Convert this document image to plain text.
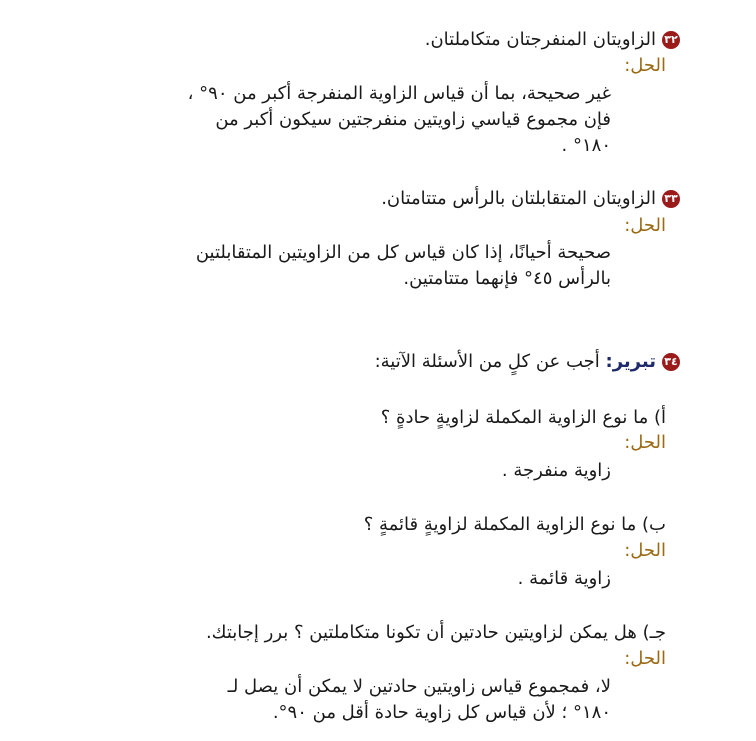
٣٢الزاويتان المنفرجتان متكاملتان.
الحل:
غير صحيحة، بما أن قياس الزاوية المنفرجة أكبر من ٩٠° ،
فإن مجموع قياسي زاويتين منفرجتين سيكون أكبر من
١٨٠° .
٣٣الزاويتان المتقابلتان بالرأس متتامتان.
الحل:
صحيحة أحيانًا، إذا كان قياس كل من الزاويتين المتقابلتين
بالرأس ٤٥° فإنهما متتامتين.
٣٤تبرير: أجب عن كلٍ من الأسئلة الآتية:
أ) ما نوع الزاوية المكملة لزاويةٍ حادةٍ ؟
الحل:
زاوية منفرجة .
ب) ما نوع الزاوية المكملة لزاويةٍ قائمةٍ ؟
الحل:
زاوية قائمة .
جـ) هل يمكن لزاويتين حادتين أن تكونا متكاملتين ؟ برر إجابتك.
الحل:
لا، فمجموع قياس زاويتين حادتين لا يمكن أن يصل لـ
١٨٠° ؛ لأن قياس كل زاوية حادة أقل من ٩٠°.
